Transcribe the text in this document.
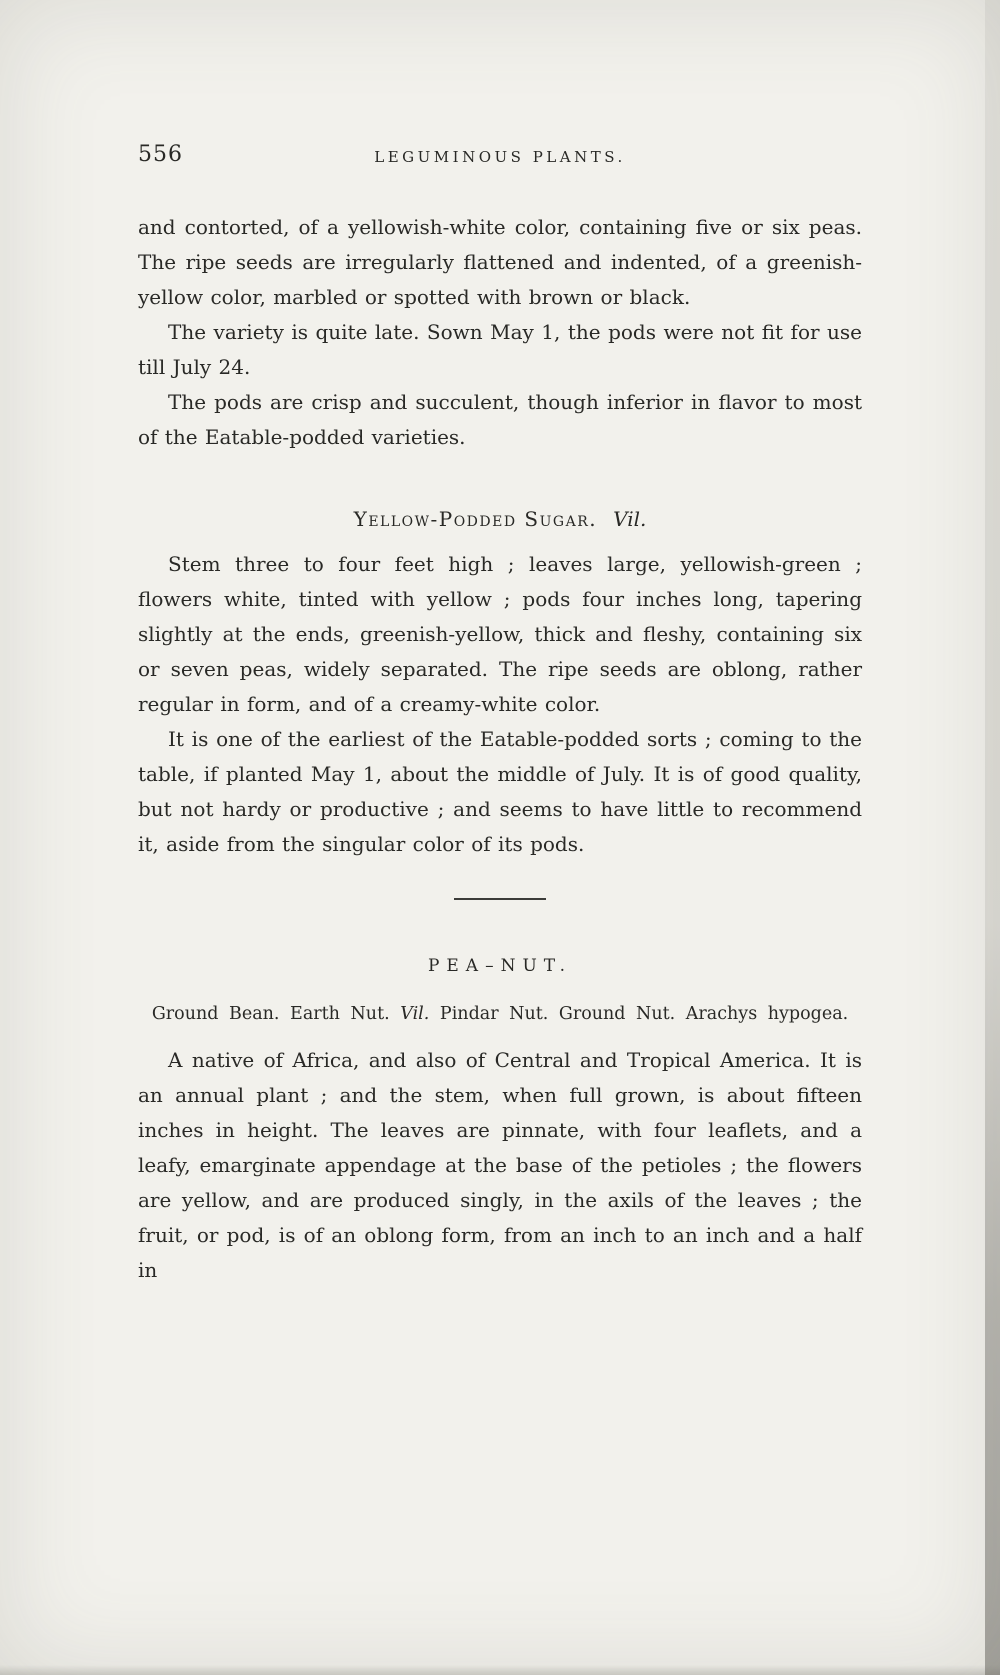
556	LEGUMINOUS PLANTS.

and contorted, of a yellowish-white color, containing five or six peas. The ripe seeds are irregularly flattened and indented, of a greenish-yellow color, marbled or spotted with brown or black.

The variety is quite late. Sown May 1, the pods were not fit for use till July 24.

The pods are crisp and succulent, though inferior in flavor to most of the Eatable-podded varieties.

Yellow-Podded Sugar. Vil.

Stem three to four feet high ; leaves large, yellowish-green ; flowers white, tinted with yellow ; pods four inches long, tapering slightly at the ends, greenish-yellow, thick and fleshy, containing six or seven peas, widely separated. The ripe seeds are oblong, rather regular in form, and of a creamy-white color.

It is one of the earliest of the Eatable-podded sorts ; coming to the table, if planted May 1, about the middle of July. It is of good quality, but not hardy or productive ; and seems to have little to recommend it, aside from the singular color of its pods.

PEA–NUT.

Ground Bean. Earth Nut. Vil. Pindar Nut. Ground Nut. Arachys hypogea.

A native of Africa, and also of Central and Tropical America. It is an annual plant ; and the stem, when full grown, is about fifteen inches in height. The leaves are pinnate, with four leaflets, and a leafy, emarginate appendage at the base of the petioles ; the flowers are yellow, and are produced singly, in the axils of the leaves ; the fruit, or pod, is of an oblong form, from an inch to an inch and a half in
